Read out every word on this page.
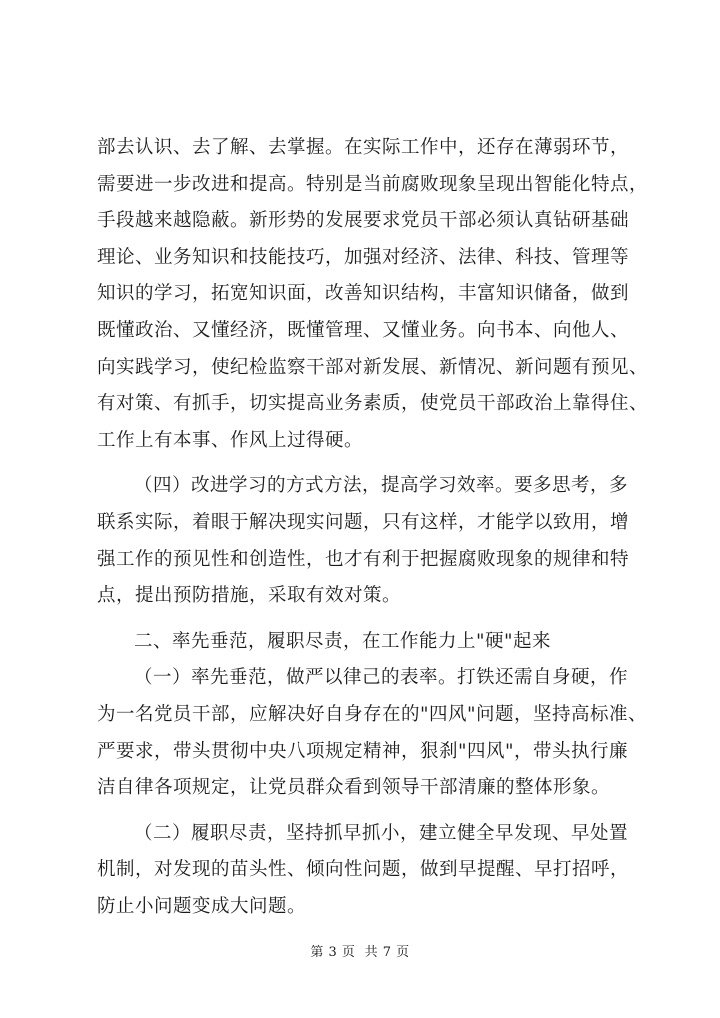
部去认识、去了解、去掌握。在实际工作中，还存在薄弱环节，
需要进一步改进和提高。特别是当前腐败现象呈现出智能化特点，
手段越来越隐蔽。新形势的发展要求党员干部必须认真钻研基础
理论、业务知识和技能技巧，加强对经济、法律、科技、管理等
知识的学习，拓宽知识面，改善知识结构，丰富知识储备，做到
既懂政治、又懂经济，既懂管理、又懂业务。向书本、向他人、
向实践学习，使纪检监察干部对新发展、新情况、新问题有预见、
有对策、有抓手，切实提高业务素质，使党员干部政治上靠得住、
工作上有本事、作风上过得硬。
（四）改进学习的方式方法，提高学习效率。要多思考，多
联系实际，着眼于解决现实问题，只有这样，才能学以致用，增
强工作的预见性和创造性，也才有利于把握腐败现象的规律和特
点，提出预防措施，采取有效对策。
二、率先垂范，履职尽责，在工作能力上"硬"起来
（一）率先垂范，做严以律己的表率。打铁还需自身硬，作
为一名党员干部，应解决好自身存在的"四风"问题，坚持高标准、
严要求，带头贯彻中央八项规定精神，狠刹"四风"，带头执行廉
洁自律各项规定，让党员群众看到领导干部清廉的整体形象。
（二）履职尽责，坚持抓早抓小，建立健全早发现、早处置
机制，对发现的苗头性、倾向性问题，做到早提醒、早打招呼，
防止小问题变成大问题。
第 3 页  共 7 页
